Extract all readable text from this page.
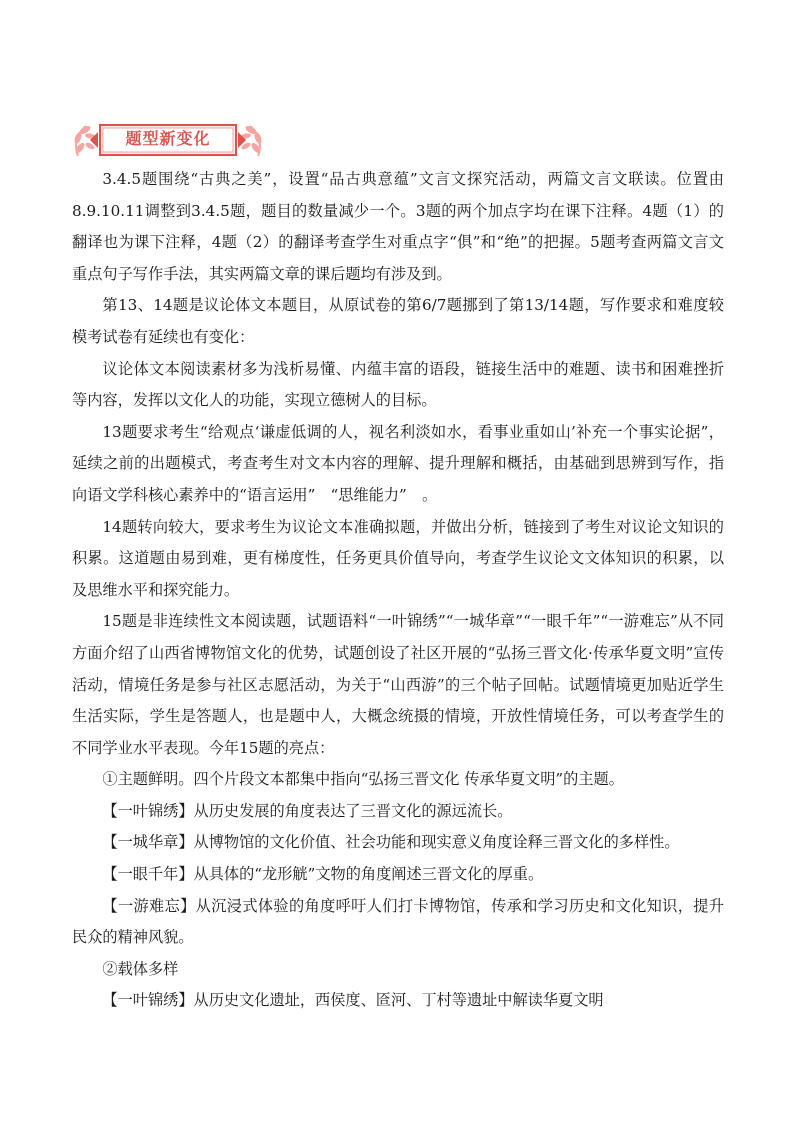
题型新变化

3.4.5题围绕“古典之美”，设置“品古典意蕴”文言文探究活动，两篇文言文联读。位置由8.9.10.11调整到3.4.5题，题目的数量减少一个。3题的两个加点字均在课下注释。4题（1）的翻译也为课下注释，4题（2）的翻译考查学生对重点字“俱”和“绝”的把握。5题考查两篇文言文重点句子写作手法，其实两篇文章的课后题均有涉及到。

第13、14题是议论体文本题目，从原试卷的第6/7题挪到了第13/14题，写作要求和难度较模考试卷有延续也有变化：

议论体文本阅读素材多为浅析易懂、内蕴丰富的语段，链接生活中的难题、读书和困难挫折等内容，发挥以文化人的功能，实现立德树人的目标。

13题要求考生“给观点‘谦虚低调的人，视名利淡如水，看事业重如山’补充一个事实论据”，延续之前的出题模式，考查考生对文本内容的理解、提升理解和概括，由基础到思辨到写作，指向语文学科核心素养中的“语言运用”　“思维能力”　。

14题转向较大，要求考生为议论文本准确拟题，并做出分析，链接到了考生对议论文知识的积累。这道题由易到难，更有梯度性，任务更具价值导向，考查学生议论文文体知识的积累，以及思维水平和探究能力。

15题是非连续性文本阅读题，试题语料“一叶锦绣”“一城华章”“一眼千年”“一游难忘”从不同方面介绍了山西省博物馆文化的优势，试题创设了社区开展的“弘扬三晋文化·传承华夏文明”宣传活动，情境任务是参与社区志愿活动，为关于“山西游”的三个帖子回帖。试题情境更加贴近学生生活实际，学生是答题人，也是题中人，大概念统摄的情境，开放性情境任务，可以考查学生的不同学业水平表现。今年15题的亮点：

①主题鲜明。四个片段文本都集中指向“弘扬三晋文化 传承华夏文明”的主题。

【一叶锦绣】从历史发展的角度表达了三晋文化的源远流长。

【一城华章】从博物馆的文化价值、社会功能和现实意义角度诠释三晋文化的多样性。

【一眼千年】从具体的“龙形觥”文物的角度阐述三晋文化的厚重。

【一游难忘】从沉浸式体验的角度呼吁人们打卡博物馆，传承和学习历史和文化知识，提升民众的精神风貌。

②载体多样

【一叶锦绣】从历史文化遗址，西侯度、匼河、丁村等遗址中解读华夏文明
